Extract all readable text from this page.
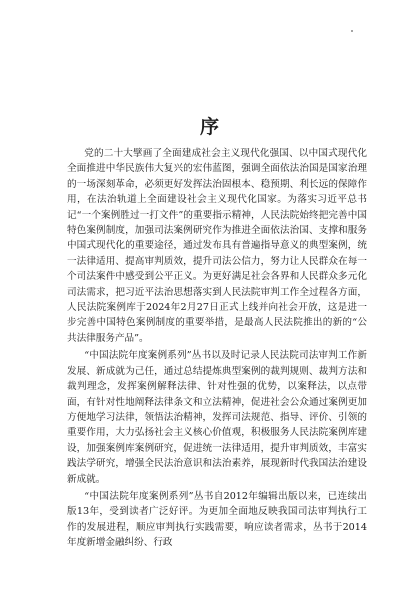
序

党的二十大擘画了全面建成社会主义现代化强国、以中国式现代化全面推进中华民族伟大复兴的宏伟蓝图，强调全面依法治国是国家治理的一场深刻革命，必须更好发挥法治固根本、稳预期、利长远的保障作用，在法治轨道上全面建设社会主义现代化国家。为落实习近平总书记“一个案例胜过一打文件”的重要指示精神，人民法院始终把完善中国特色案例制度，加强司法案例研究作为推进全面依法治国、支撑和服务中国式现代化的重要途径，通过发布具有普遍指导意义的典型案例，统一法律适用、提高审判质效，提升司法公信力，努力让人民群众在每一个司法案件中感受到公平正义。为更好满足社会各界和人民群众多元化司法需求，把习近平法治思想落实到人民法院审判工作全过程各方面，人民法院案例库于2024年2月27日正式上线并向社会开放，这是进一步完善中国特色案例制度的重要举措，是最高人民法院推出的新的“公共法律服务产品”。

“中国法院年度案例系列”丛书以及时记录人民法院司法审判工作新发展、新成就为己任，通过总结提炼典型案例的裁判规则、裁判方法和裁判理念，发挥案例解释法律、针对性强的优势，以案释法，以点带面，有针对性地阐释法律条文和立法精神，促进社会公众通过案例更加方便地学习法律，领悟法治精神，发挥司法规范、指导、评价、引领的重要作用，大力弘扬社会主义核心价值观，积极服务人民法院案例库建设，加强案例库案例研究，促进统一法律适用，提升审判质效，丰富实践法学研究，增强全民法治意识和法治素养，展现新时代我国法治建设新成就。

“中国法院年度案例系列”丛书自2012年编辑出版以来，已连续出版13年，受到读者广泛好评。为更加全面地反映我国司法审判执行工作的发展进程，顺应审判执行实践需要，响应读者需求，丛书于2014年度新增金融纠纷、行政
